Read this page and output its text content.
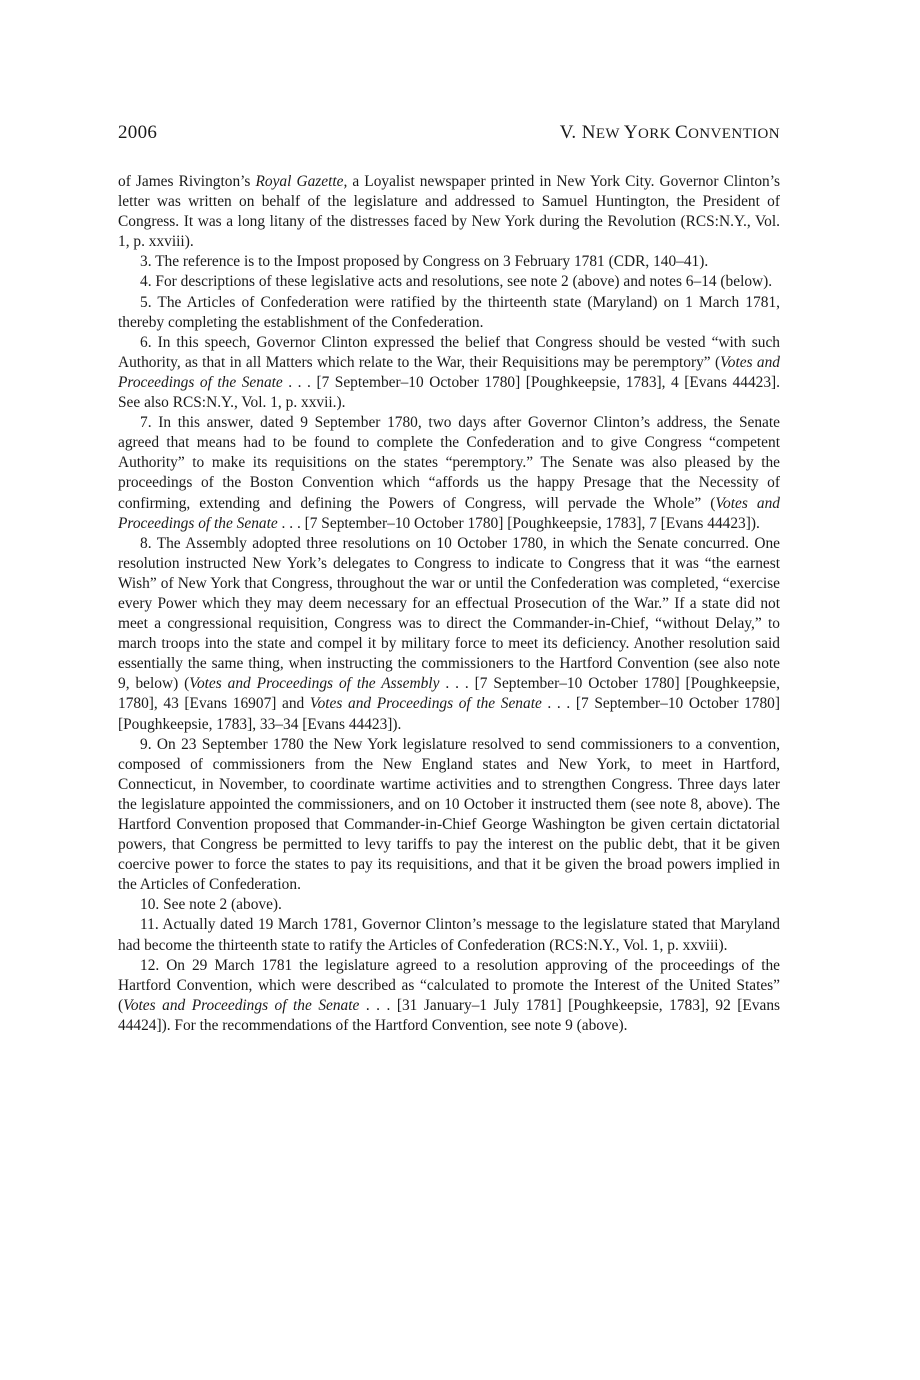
2006	V. NEW YORK CONVENTION

of James Rivington’s Royal Gazette, a Loyalist newspaper printed in New York City. Governor Clinton’s letter was written on behalf of the legislature and addressed to Samuel Huntington, the President of Congress. It was a long litany of the distresses faced by New York during the Revolution (RCS:N.Y., Vol. 1, p. xxviii).

3. The reference is to the Impost proposed by Congress on 3 February 1781 (CDR, 140–41).

4. For descriptions of these legislative acts and resolutions, see note 2 (above) and notes 6–14 (below).

5. The Articles of Confederation were ratified by the thirteenth state (Maryland) on 1 March 1781, thereby completing the establishment of the Confederation.

6. In this speech, Governor Clinton expressed the belief that Congress should be vested “with such Authority, as that in all Matters which relate to the War, their Requisitions may be peremptory” (Votes and Proceedings of the Senate . . . [7 September–10 October 1780] [Poughkeepsie, 1783], 4 [Evans 44423]. See also RCS:N.Y., Vol. 1, p. xxvii.).

7. In this answer, dated 9 September 1780, two days after Governor Clinton’s address, the Senate agreed that means had to be found to complete the Confederation and to give Congress “competent Authority” to make its requisitions on the states “peremptory.” The Senate was also pleased by the proceedings of the Boston Convention which “affords us the happy Presage that the Necessity of confirming, extending and defining the Powers of Congress, will pervade the Whole” (Votes and Proceedings of the Senate . . . [7 September–10 October 1780] [Poughkeepsie, 1783], 7 [Evans 44423]).

8. The Assembly adopted three resolutions on 10 October 1780, in which the Senate concurred. One resolution instructed New York’s delegates to Congress to indicate to Congress that it was “the earnest Wish” of New York that Congress, throughout the war or until the Confederation was completed, “exercise every Power which they may deem necessary for an effectual Prosecution of the War.” If a state did not meet a congressional requisition, Congress was to direct the Commander-in-Chief, “without Delay,” to march troops into the state and compel it by military force to meet its deficiency. Another resolution said essentially the same thing, when instructing the commissioners to the Hartford Convention (see also note 9, below) (Votes and Proceedings of the Assembly . . . [7 September–10 October 1780] [Poughkeepsie, 1780], 43 [Evans 16907] and Votes and Proceedings of the Senate . . . [7 September–10 October 1780] [Poughkeepsie, 1783], 33–34 [Evans 44423]).

9. On 23 September 1780 the New York legislature resolved to send commissioners to a convention, composed of commissioners from the New England states and New York, to meet in Hartford, Connecticut, in November, to coordinate wartime activities and to strengthen Congress. Three days later the legislature appointed the commissioners, and on 10 October it instructed them (see note 8, above). The Hartford Convention proposed that Commander-in-Chief George Washington be given certain dictatorial powers, that Congress be permitted to levy tariffs to pay the interest on the public debt, that it be given coercive power to force the states to pay its requisitions, and that it be given the broad powers implied in the Articles of Confederation.

10. See note 2 (above).

11. Actually dated 19 March 1781, Governor Clinton’s message to the legislature stated that Maryland had become the thirteenth state to ratify the Articles of Confederation (RCS:N.Y., Vol. 1, p. xxviii).

12. On 29 March 1781 the legislature agreed to a resolution approving of the proceedings of the Hartford Convention, which were described as “calculated to promote the Interest of the United States” (Votes and Proceedings of the Senate . . . [31 January–1 July 1781] [Poughkeepsie, 1783], 92 [Evans 44424]). For the recommendations of the Hartford Convention, see note 9 (above).
